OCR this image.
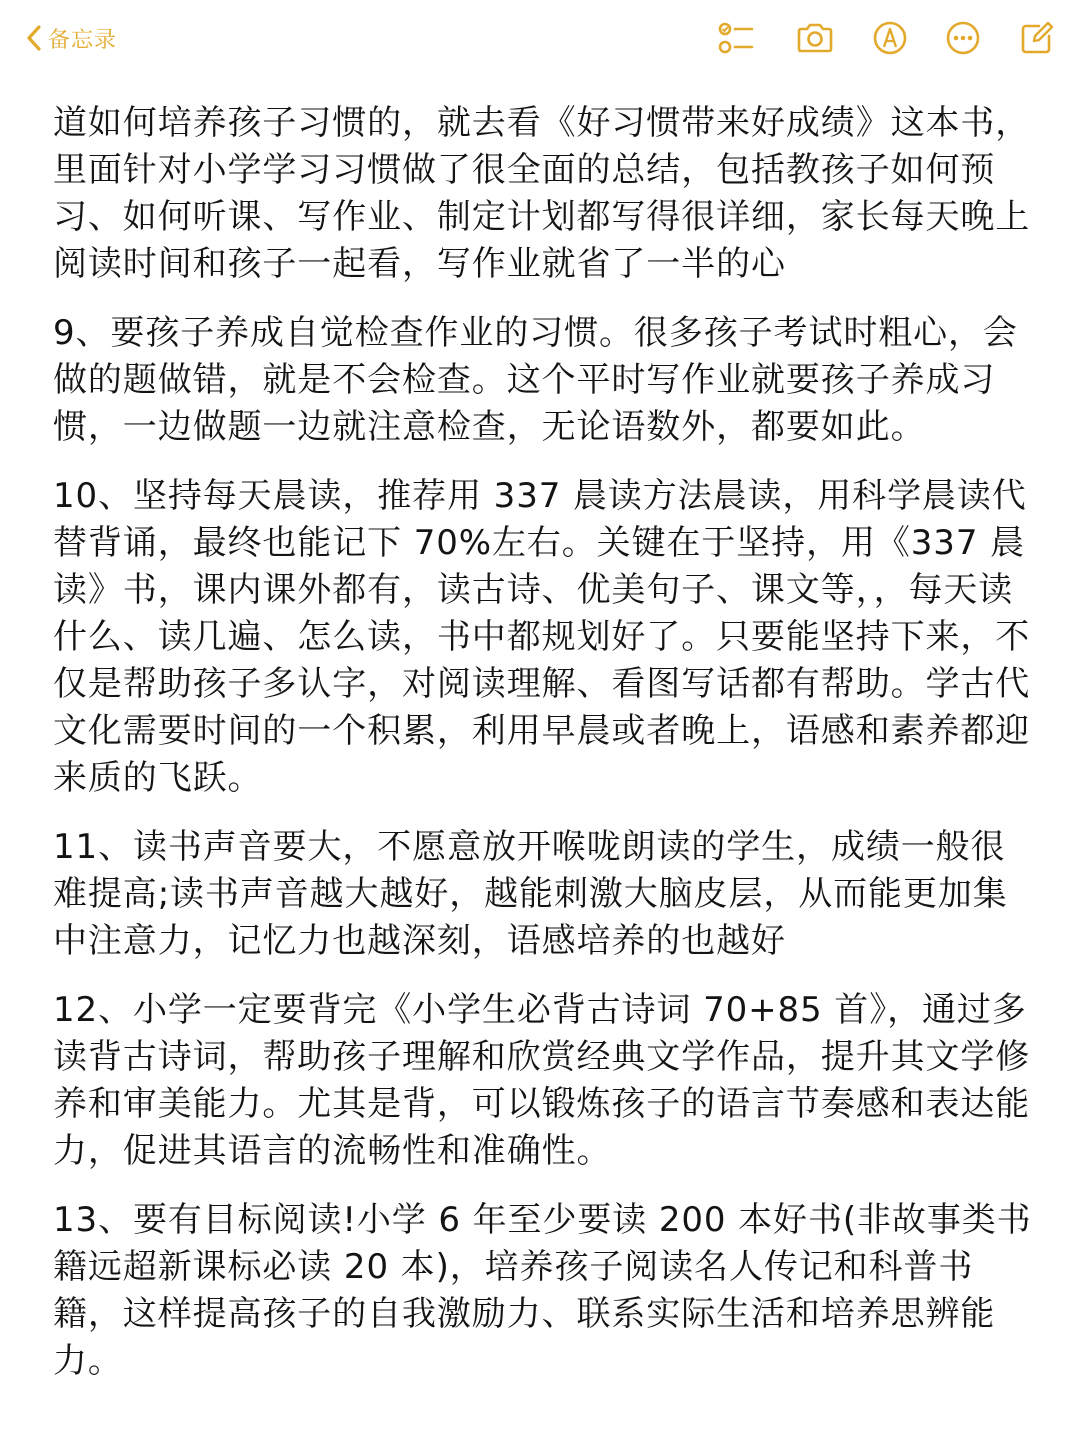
备忘录

道如何培养孩子习惯的，就去看《好习惯带来好成绩》这本书，里面针对小学学习习惯做了很全面的总结，包括教孩子如何预习、如何听课、写作业、制定计划都写得很详细，家长每天晚上阅读时间和孩子一起看，写作业就省了一半的心

9、要孩子养成自觉检查作业的习惯。很多孩子考试时粗心，会做的题做错，就是不会检查。这个平时写作业就要孩子养成习惯，一边做题一边就注意检查，无论语数外，都要如此。

10、坚持每天晨读，推荐用 337 晨读方法晨读，用科学晨读代替背诵，最终也能记下 70%左右。关键在于坚持，用《337 晨读》书，课内课外都有，读古诗、优美句子、课文等，，每天读什么、读几遍、怎么读，书中都规划好了。只要能坚持下来，不仅是帮助孩子多认字，对阅读理解、看图写话都有帮助。学古代文化需要时间的一个积累，利用早晨或者晚上，语感和素养都迎来质的飞跃。

11、读书声音要大，不愿意放开喉咙朗读的学生，成绩一般很难提高;读书声音越大越好，越能刺激大脑皮层，从而能更加集中注意力，记忆力也越深刻，语感培养的也越好

12、小学一定要背完《小学生必背古诗词 70+85 首》，通过多读背古诗词，帮助孩子理解和欣赏经典文学作品，提升其文学修养和审美能力。尤其是背，可以锻炼孩子的语言节奏感和表达能力，促进其语言的流畅性和准确性。

13、要有目标阅读!小学 6 年至少要读 200 本好书(非故事类书籍远超新课标必读 20 本)，培养孩子阅读名人传记和科普书籍，这样提高孩子的自我激励力、联系实际生活和培养思辨能力。
